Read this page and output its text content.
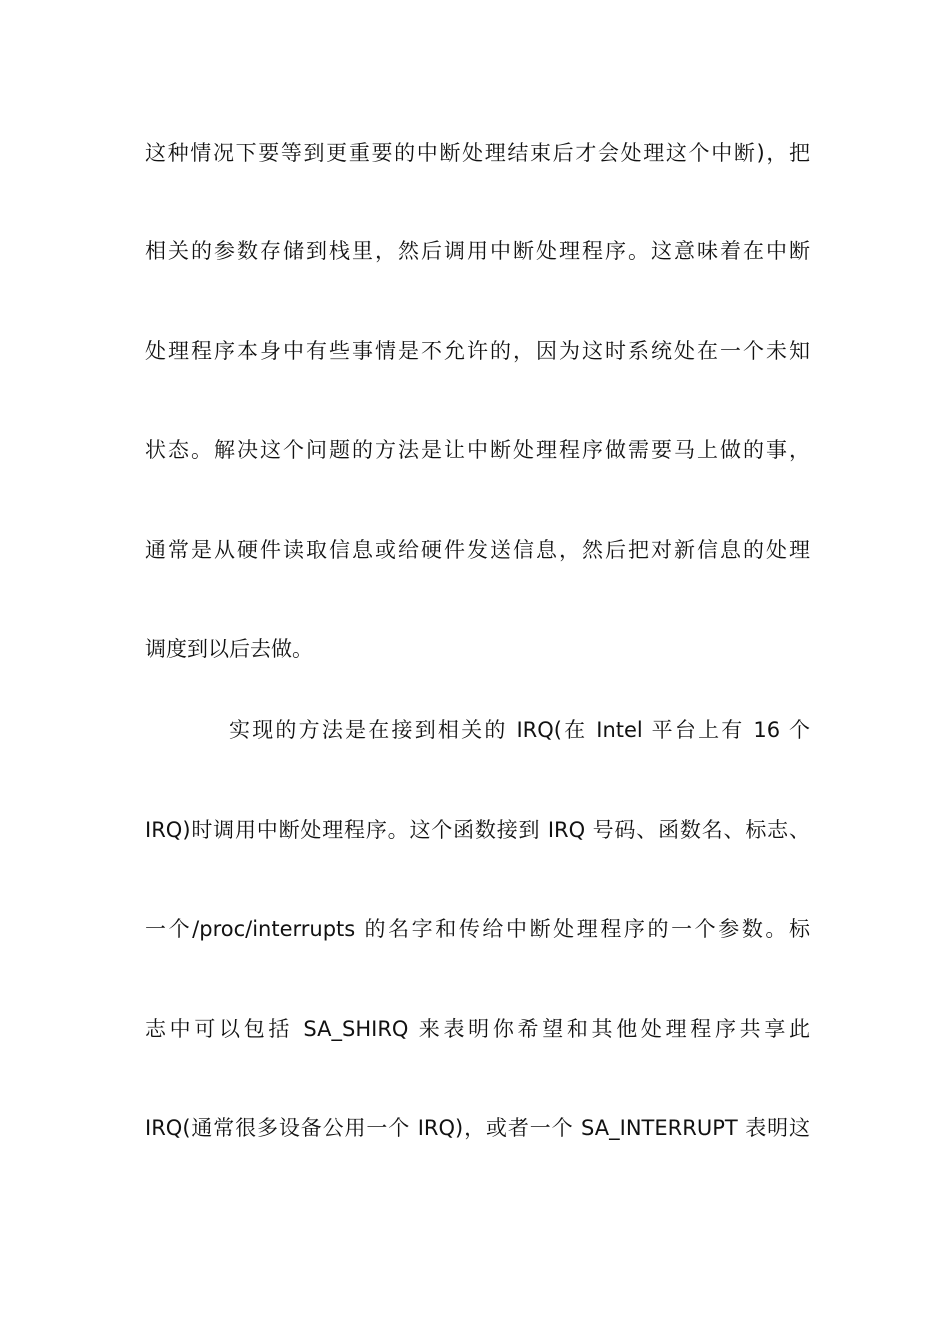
这种情况下要等到更重要的中断处理结束后才会处理这个中断)，把
相关的参数存储到栈里，然后调用中断处理程序。这意味着在中断
处理程序本身中有些事情是不允许的，因为这时系统处在一个未知
状态。解决这个问题的方法是让中断处理程序做需要马上做的事，
通常是从硬件读取信息或给硬件发送信息，然后把对新信息的处理
调度到以后去做。
实现的方法是在接到相关的 IRQ(在 Intel 平台上有 16 个
IRQ)时调用中断处理程序。这个函数接到 IRQ 号码、函数名、标志、
一个/proc/interrupts 的名字和传给中断处理程序的一个参数。标
志中可以包括 SA_SHIRQ 来表明你希望和其他处理程序共享此
IRQ(通常很多设备公用一个 IRQ)，或者一个 SA_INTERRUPT 表明这
